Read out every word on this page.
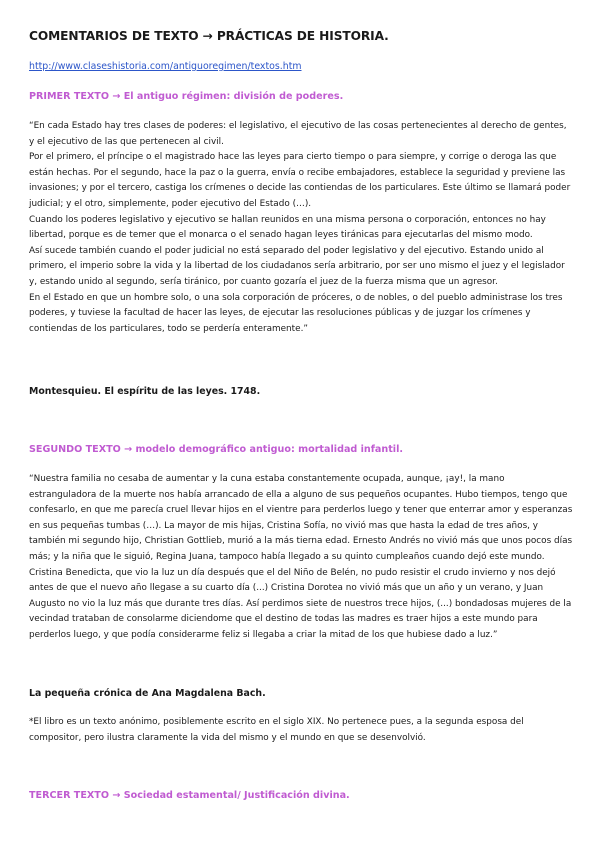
COMENTARIOS DE TEXTO → PRÁCTICAS DE HISTORIA.
http://www.claseshistoria.com/antiguoregimen/textos.htm
PRIMER TEXTO → El antiguo régimen: división de poderes.

“En cada Estado hay tres clases de poderes: el legislativo, el ejecutivo de las cosas pertenecientes al derecho de gentes, y el ejecutivo de las que pertenecen al civil.

Por el primero, el príncipe o el magistrado hace las leyes para cierto tiempo o para siempre, y corrige o deroga las que están hechas. Por el segundo, hace la paz o la guerra, envía o recibe embajadores, establece la seguridad y previene las invasiones; y por el tercero, castiga los crímenes o decide las contiendas de los particulares. Este último se llamará poder judicial; y el otro, simplemente, poder ejecutivo del Estado (…).

Cuando los poderes legislativo y ejecutivo se hallan reunidos en una misma persona o corporación, entonces no hay libertad, porque es de temer que el monarca o el senado hagan leyes tiránicas para ejecutarlas del mismo modo.

Así sucede también cuando el poder judicial no está separado del poder legislativo y del ejecutivo. Estando unido al primero, el imperio sobre la vida y la libertad de los ciudadanos sería arbitrario, por ser uno mismo el juez y el legislador y, estando unido al segundo, sería tiránico, por cuanto gozaría el juez de la fuerza misma que un agresor.

En el Estado en que un hombre solo, o una sola corporación de próceres, o de nobles, o del pueblo administrase los tres poderes, y tuviese la facultad de hacer las leyes, de ejecutar las resoluciones públicas y de juzgar los crímenes y contiendas de los particulares, todo se perdería enteramente.”

Montesquieu. El espíritu de las leyes. 1748.
SEGUNDO TEXTO → modelo demográfico antiguo: mortalidad infantil.

“Nuestra familia no cesaba de aumentar y la cuna estaba constantemente ocupada, aunque, ¡ay!, la mano estranguladora de la muerte nos había arrancado de ella a alguno de sus pequeños ocupantes. Hubo tiempos, tengo que confesarlo, en que me parecía cruel llevar hijos en el vientre para perderlos luego y tener que enterrar amor y esperanzas en sus pequeñas tumbas (…). La mayor de mis hijas, Cristina Sofía, no vivió mas que hasta la edad de tres años, y también mi segundo hijo, Christian Gottlieb, murió a la más tierna edad. Ernesto Andrés no vivió más que unos pocos días más; y la niña que le siguió, Regina Juana, tampoco había llegado a su quinto cumpleaños cuando dejó este mundo. Cristina Benedicta, que vio la luz un día después que el del Niño de Belén, no pudo resistir el crudo invierno y nos dejó antes de que el nuevo año llegase a su cuarto día (...) Cristina Dorotea no vivió más que un año y un verano, y Juan Augusto no vio la luz más que durante tres días. Así perdimos siete de nuestros trece hijos, (...) bondadosas mujeres de la vecindad trataban de consolarme diciendome que el destino de todas las madres es traer hijos a este mundo para perderlos luego, y que podía considerarme feliz si llegaba a criar la mitad de los que hubiese dado a luz.”

La pequeña crónica de Ana Magdalena Bach.
*El libro es un texto anónimo, posiblemente escrito en el siglo XIX. No pertenece pues, a la segunda esposa del compositor, pero ilustra claramente la vida del mismo y el mundo en que se desenvolvió.
TERCER TEXTO → Sociedad estamental/ Justificación divina.
